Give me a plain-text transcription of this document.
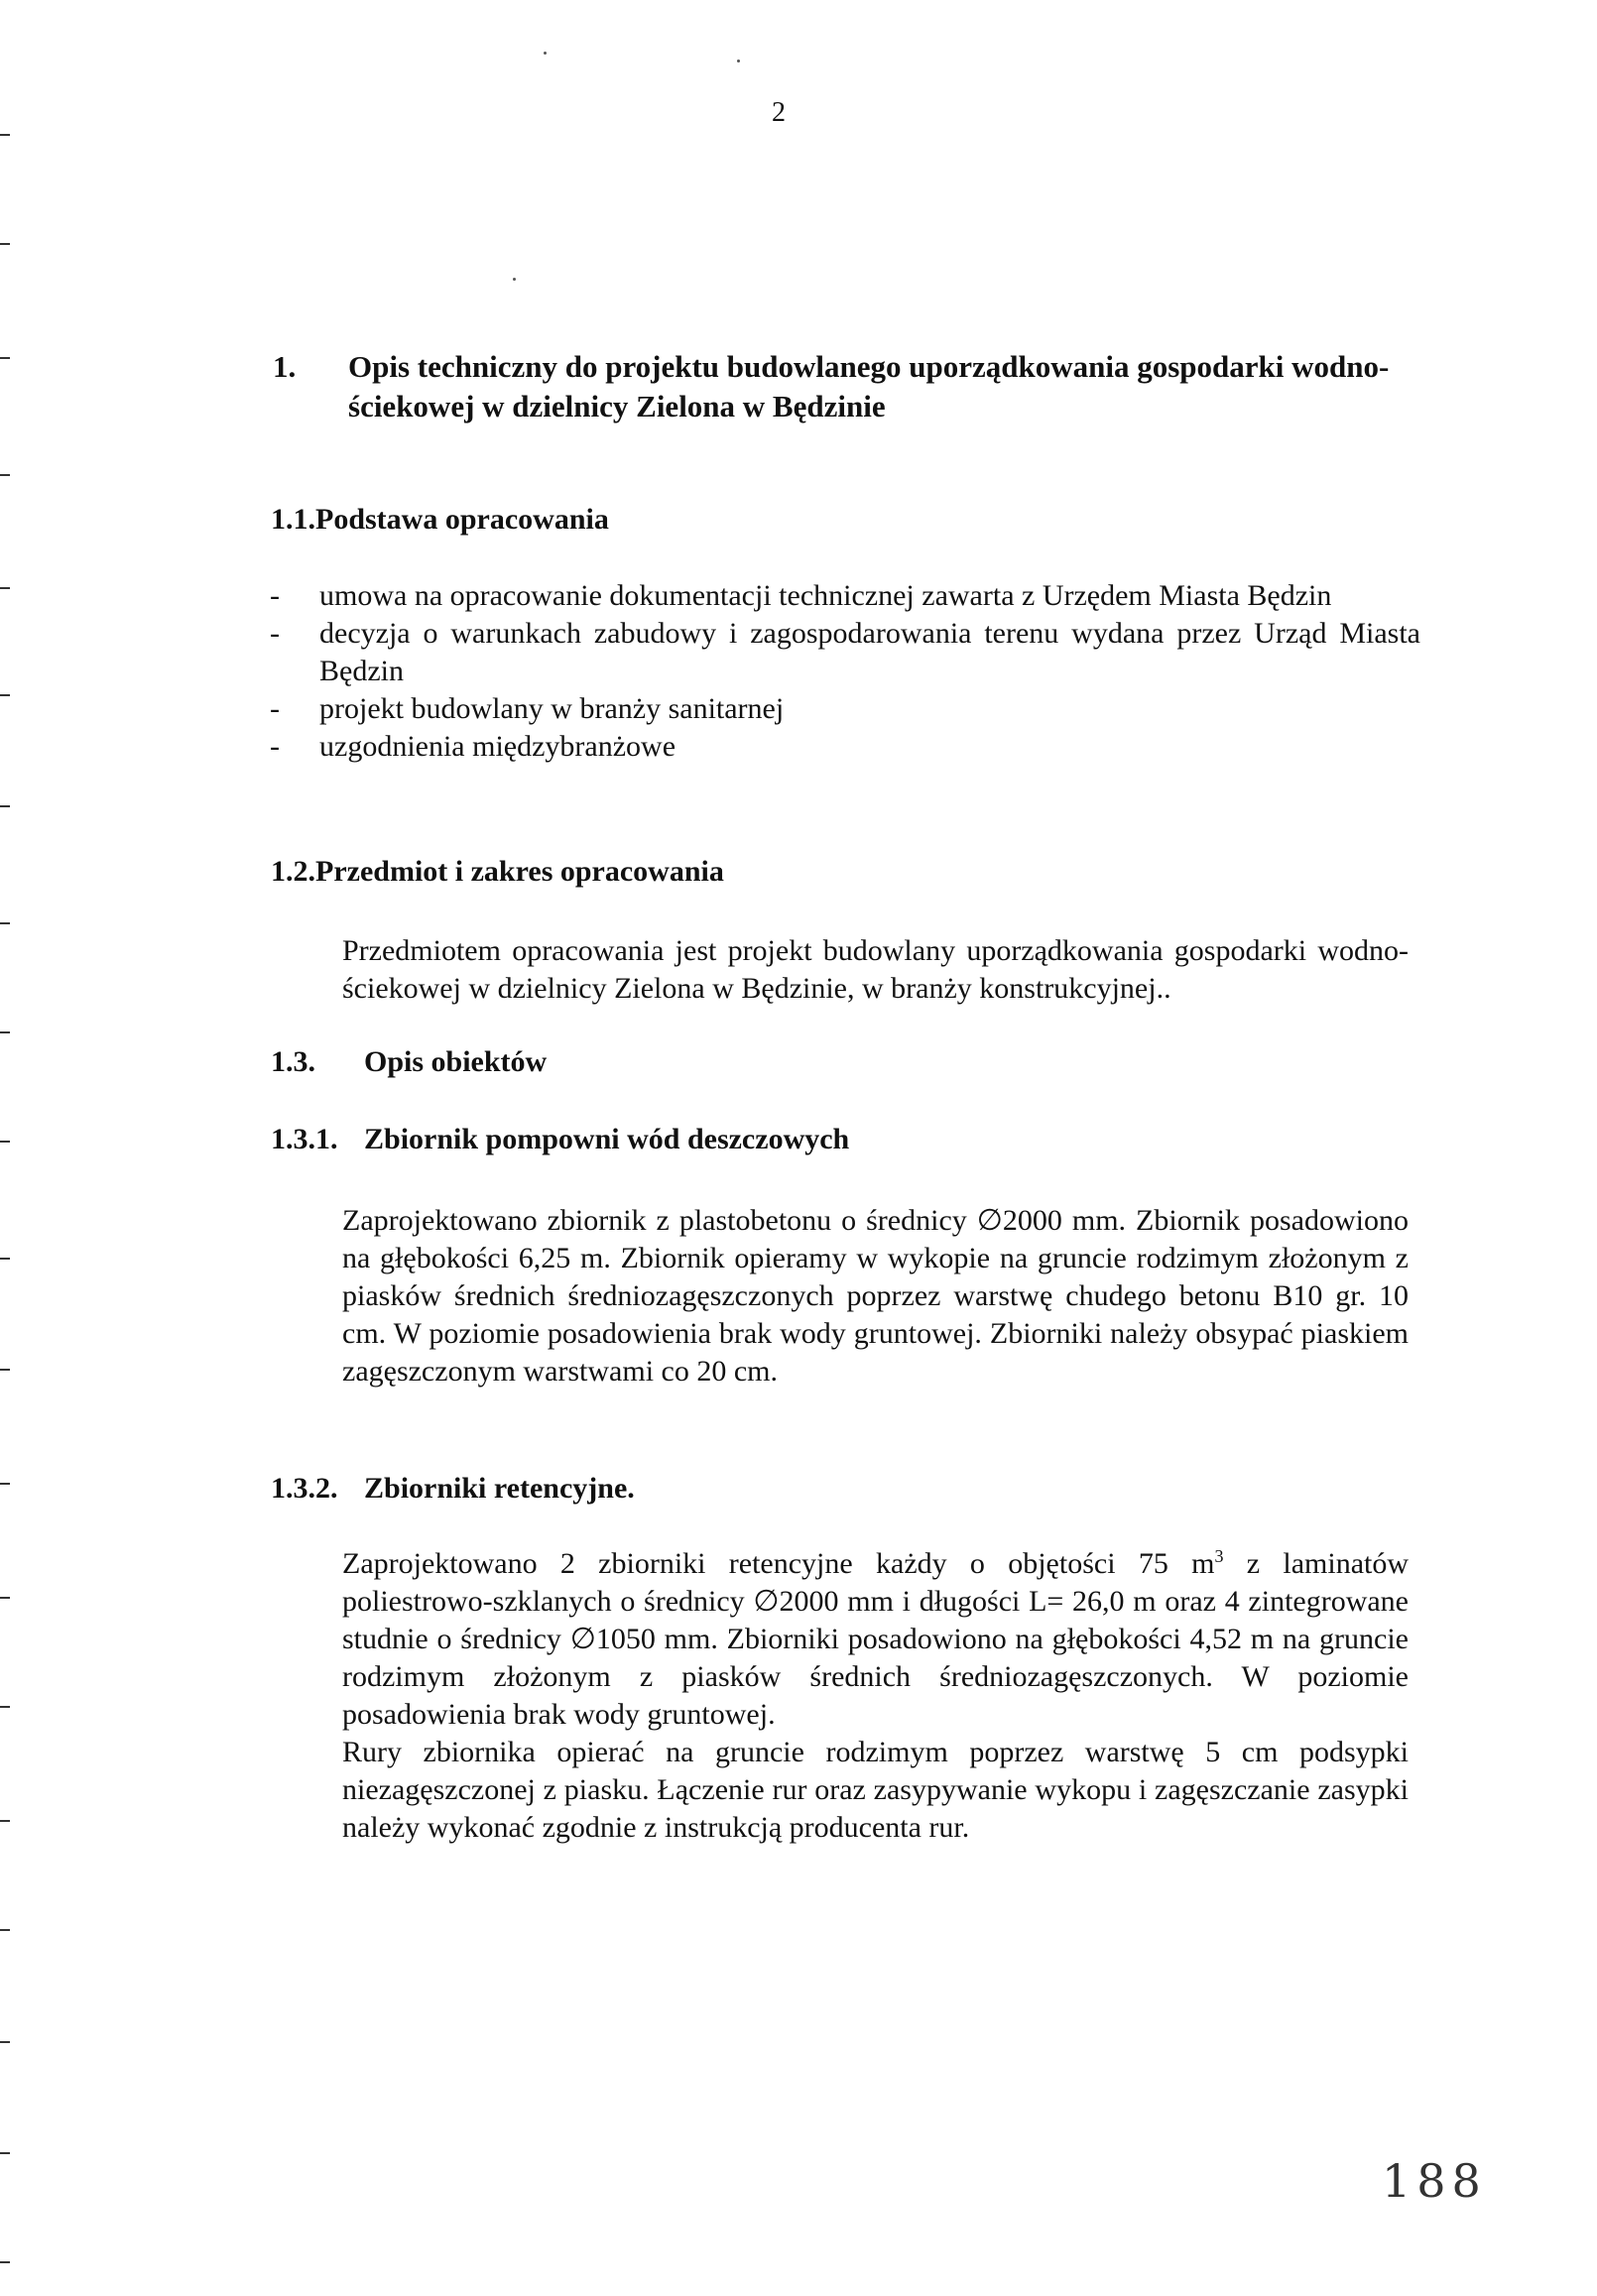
2
1. Opis techniczny do projektu budowlanego uporządkowania gospodarki wodno-ściekowej w dzielnicy Zielona w Będzinie
1.1.Podstawa opracowania
- umowa na opracowanie dokumentacji technicznej zawarta z Urzędem Miasta Będzin
- decyzja o warunkach zabudowy i zagospodarowania terenu wydana przez Urząd Miasta Będzin
- projekt budowlany w branży sanitarnej
- uzgodnienia międzybranżowe
1.2.Przedmiot i zakres opracowania

Przedmiotem opracowania jest projekt budowlany uporządkowania gospodarki wodno-ściekowej w dzielnicy Zielona w Będzinie, w branży konstrukcyjnej..

1.3. Opis obiektów
1.3.1. Zbiornik pompowni wód deszczowych

Zaprojektowano zbiornik z plastobetonu o średnicy ∅2000 mm. Zbiornik posadowiono na głębokości 6,25 m. Zbiornik opieramy w wykopie na gruncie rodzimym złożonym z piasków średnich średniozagęszczonych poprzez warstwę chudego betonu B10 gr. 10 cm. W poziomie posadowienia brak wody gruntowej. Zbiorniki należy obsypać piaskiem zagęszczonym warstwami co 20 cm.

1.3.2. Zbiorniki retencyjne.

Zaprojektowano 2 zbiorniki retencyjne każdy o objętości 75 $m^3$ z laminatów poliestrowo-szklanych o średnicy ∅2000 mm i długości L= 26,0 m oraz 4 zintegrowane studnie o średnicy ∅1050 mm. Zbiorniki posadowiono na głębokości 4,52 m na gruncie rodzimym złożonym z piasków średnich średniozagęszczonych. W poziomie posadowienia brak wody gruntowej.
Rury zbiornika opierać na gruncie rodzimym poprzez warstwę 5 cm podsypki niezagęszczonej z piasku. Łączenie rur oraz zasypywanie wykopu i zagęszczanie zasypki należy wykonać zgodnie z instrukcją producenta rur.

188
